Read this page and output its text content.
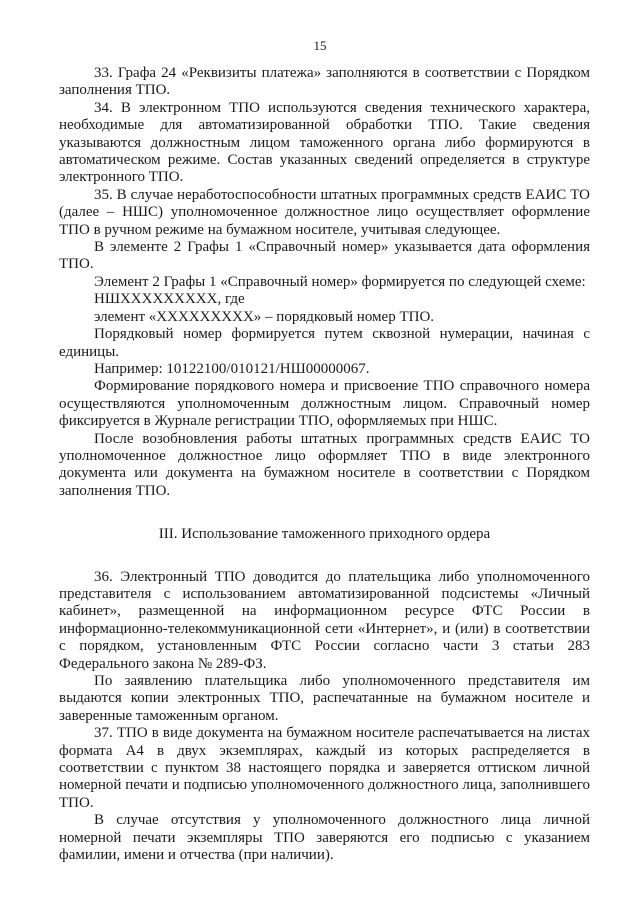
15

33. Графа 24 «Реквизиты платежа» заполняются в соответствии с Порядком заполнения ТПО.

34. В электронном ТПО используются сведения технического характера, необходимые для автоматизированной обработки ТПО. Такие сведения указываются должностным лицом таможенного органа либо формируются в автоматическом режиме. Состав указанных сведений определяется в структуре электронного ТПО.

35. В случае неработоспособности штатных программных средств ЕАИС ТО (далее – НШС) уполномоченное должностное лицо осуществляет оформление ТПО в ручном режиме на бумажном носителе, учитывая следующее.

В элементе 2 Графы 1 «Справочный номер» указывается дата оформления ТПО.

Элемент 2 Графы 1 «Справочный номер» формируется по следующей схеме:

НШХХХХХХХХХ, где

элемент «ХХХХХХХХХ» – порядковый номер ТПО.

Порядковый номер формируется путем сквозной нумерации, начиная с единицы.

Например: 10122100/010121/НШ00000067.

Формирование порядкового номера и присвоение ТПО справочного номера осуществляются уполномоченным должностным лицом. Справочный номер фиксируется в Журнале регистрации ТПО, оформляемых при НШС.

После возобновления работы штатных программных средств ЕАИС ТО уполномоченное должностное лицо оформляет ТПО в виде электронного документа или документа на бумажном носителе в соответствии с Порядком заполнения ТПО.

III. Использование таможенного приходного ордера

36. Электронный ТПО доводится до плательщика либо уполномоченного представителя с использованием автоматизированной подсистемы «Личный кабинет», размещенной на информационном ресурсе ФТС России в информационно-телекоммуникационной сети «Интернет», и (или) в соответствии с порядком, установленным ФТС России согласно части 3 статьи 283 Федерального закона № 289-ФЗ.

По заявлению плательщика либо уполномоченного представителя им выдаются копии электронных ТПО, распечатанные на бумажном носителе и заверенные таможенным органом.

37. ТПО в виде документа на бумажном носителе распечатывается на листах формата А4 в двух экземплярах, каждый из которых распределяется в соответствии с пунктом 38 настоящего порядка и заверяется оттиском личной номерной печати и подписью уполномоченного должностного лица, заполнившего ТПО.

В случае отсутствия у уполномоченного должностного лица личной номерной печати экземпляры ТПО заверяются его подписью с указанием фамилии, имени и отчества (при наличии).
